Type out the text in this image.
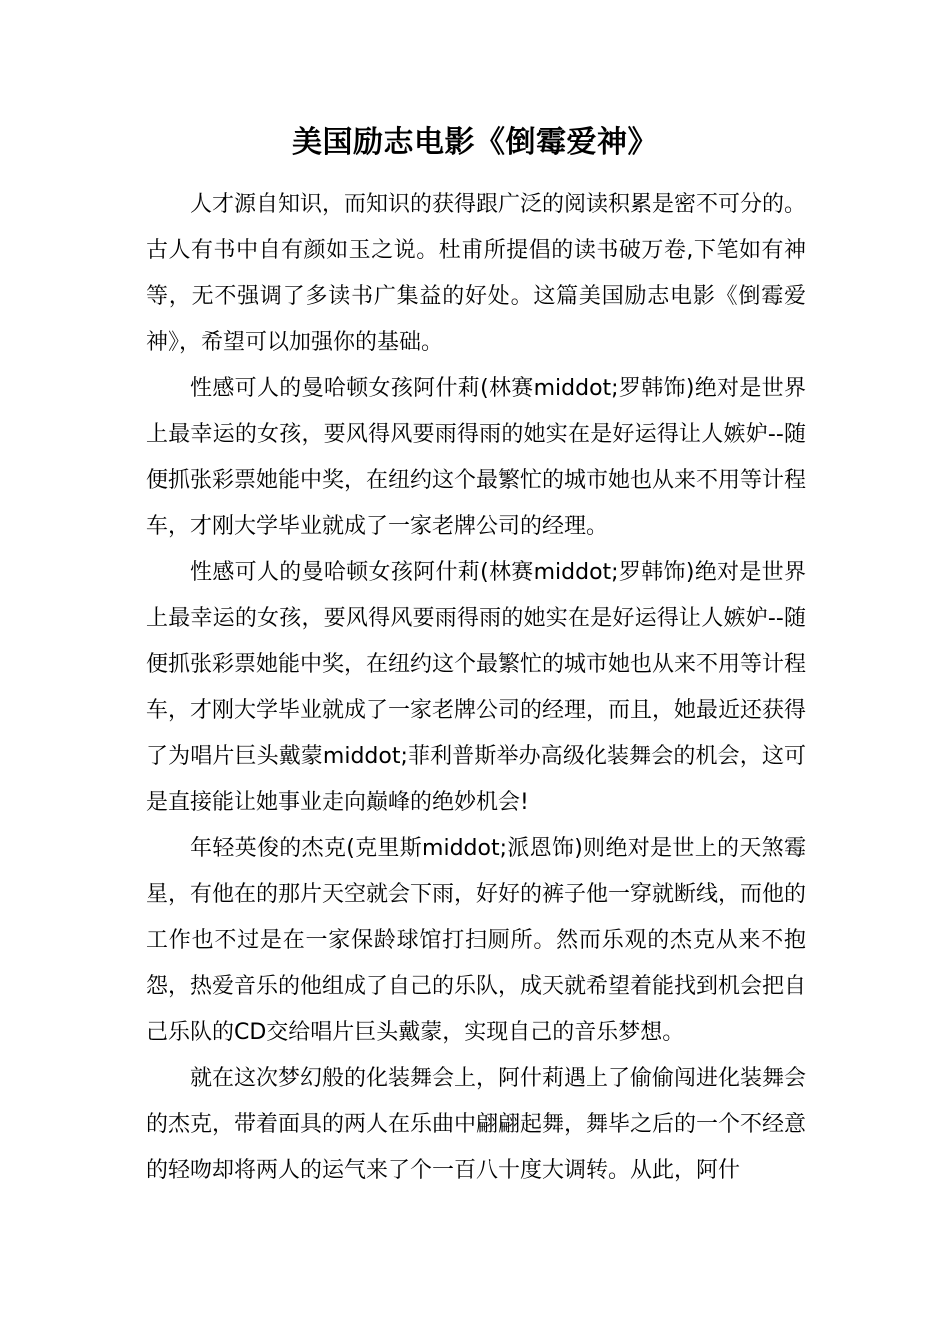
美国励志电影《倒霉爱神》

人才源自知识，而知识的获得跟广泛的阅读积累是密不可分的。古人有书中自有颜如玉之说。杜甫所提倡的读书破万卷,下笔如有神等，无不强调了多读书广集益的好处。这篇美国励志电影《倒霉爱神》，希望可以加强你的基础。

性感可人的曼哈顿女孩阿什莉(林赛middot;罗韩饰)绝对是世界上最幸运的女孩，要风得风要雨得雨的她实在是好运得让人嫉妒--随便抓张彩票她能中奖，在纽约这个最繁忙的城市她也从来不用等计程车，才刚大学毕业就成了一家老牌公司的经理。

性感可人的曼哈顿女孩阿什莉(林赛middot;罗韩饰)绝对是世界上最幸运的女孩，要风得风要雨得雨的她实在是好运得让人嫉妒--随便抓张彩票她能中奖，在纽约这个最繁忙的城市她也从来不用等计程车，才刚大学毕业就成了一家老牌公司的经理，而且，她最近还获得了为唱片巨头戴蒙middot;菲利普斯举办高级化装舞会的机会，这可是直接能让她事业走向巅峰的绝妙机会!

年轻英俊的杰克(克里斯middot;派恩饰)则绝对是世上的天煞霉星，有他在的那片天空就会下雨，好好的裤子他一穿就断线，而他的工作也不过是在一家保龄球馆打扫厕所。然而乐观的杰克从来不抱怨，热爱音乐的他组成了自己的乐队，成天就希望着能找到机会把自己乐队的CD交给唱片巨头戴蒙，实现自己的音乐梦想。

就在这次梦幻般的化装舞会上，阿什莉遇上了偷偷闯进化装舞会的杰克，带着面具的两人在乐曲中翩翩起舞，舞毕之后的一个不经意的轻吻却将两人的运气来了个一百八十度大调转。从此，阿什
